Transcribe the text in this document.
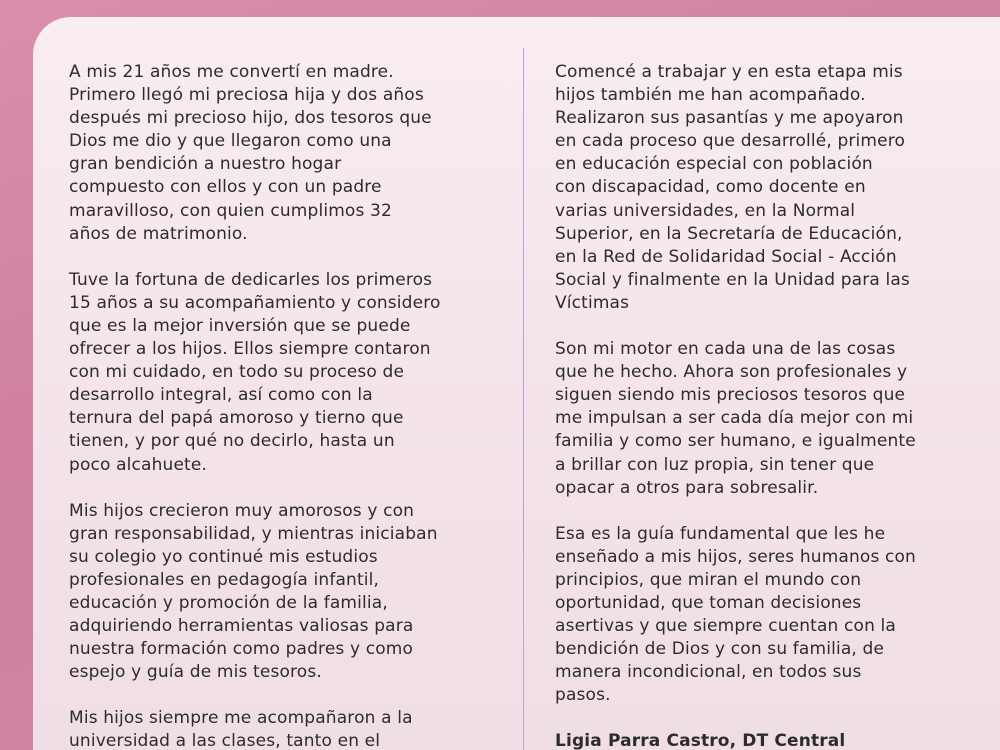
A mis 21 años me convertí en madre.
Primero llegó mi preciosa hija y dos años
después mi precioso hijo, dos tesoros que
Dios me dio y que llegaron como una
gran bendición a nuestro hogar
compuesto con ellos y con un padre
maravilloso, con quien cumplimos 32
años de matrimonio.

Tuve la fortuna de dedicarles los primeros
15 años a su acompañamiento y considero
que es la mejor inversión que se puede
ofrecer a los hijos. Ellos siempre contaron
con mi cuidado, en todo su proceso de
desarrollo integral, así como con la
ternura del papá amoroso y tierno que
tienen, y por qué no decirlo, hasta un
poco alcahuete.

Mis hijos crecieron muy amorosos y con
gran responsabilidad, y mientras iniciaban
su colegio yo continué mis estudios
profesionales en pedagogía infantil,
educación y promoción de la familia,
adquiriendo herramientas valiosas para
nuestra formación como padres y como
espejo y guía de mis tesoros.

Mis hijos siempre me acompañaron a la
universidad a las clases, tanto en el

Comencé a trabajar y en esta etapa mis
hijos también me han acompañado.
Realizaron sus pasantías y me apoyaron
en cada proceso que desarrollé, primero
en educación especial con población
con discapacidad, como docente en
varias universidades, en la Normal
Superior, en la Secretaría de Educación,
en la Red de Solidaridad Social - Acción
Social y finalmente en la Unidad para las
Víctimas

Son mi motor en cada una de las cosas
que he hecho. Ahora son profesionales y
siguen siendo mis preciosos tesoros que
me impulsan a ser cada día mejor con mi
familia y como ser humano, e igualmente
a brillar con luz propia, sin tener que
opacar a otros para sobresalir.

Esa es la guía fundamental que les he
enseñado a mis hijos, seres humanos con
principios, que miran el mundo con
oportunidad, que toman decisiones
asertivas y que siempre cuentan con la
bendición de Dios y con su familia, de
manera incondicional, en todos sus
pasos.

Ligia Parra Castro, DT Central
